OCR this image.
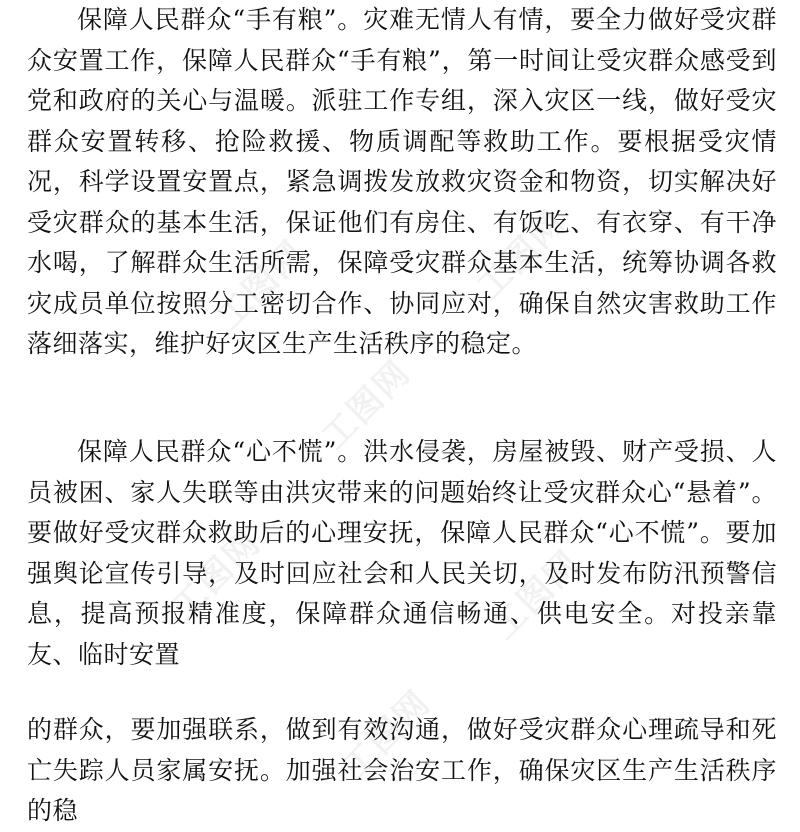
工图网	工图网
工图网
工图网	工图网
工图网

保障人民群众“手有粮”。灾难无情人有情，要全力做好受灾群众安置工作，保障人民群众“手有粮”，第一时间让受灾群众感受到党和政府的关心与温暖。派驻工作专组，深入灾区一线，做好受灾群众安置转移、抢险救援、物质调配等救助工作。要根据受灾情况，科学设置安置点，紧急调拨发放救灾资金和物资，切实解决好受灾群众的基本生活，保证他们有房住、有饭吃、有衣穿、有干净水喝，了解群众生活所需，保障受灾群众基本生活，统筹协调各救灾成员单位按照分工密切合作、协同应对，确保自然灾害救助工作落细落实，维护好灾区生产生活秩序的稳定。

保障人民群众“心不慌”。洪水侵袭，房屋被毁、财产受损、人员被困、家人失联等由洪灾带来的问题始终让受灾群众心“悬着”。要做好受灾群众救助后的心理安抚，保障人民群众“心不慌”。要加强舆论宣传引导，及时回应社会和人民关切，及时发布防汛预警信息，提高预报精准度，保障群众通信畅通、供电安全。对投亲靠友、临时安置

的群众，要加强联系，做到有效沟通，做好受灾群众心理疏导和死亡失踪人员家属安抚。加强社会治安工作，确保灾区生产生活秩序的稳
